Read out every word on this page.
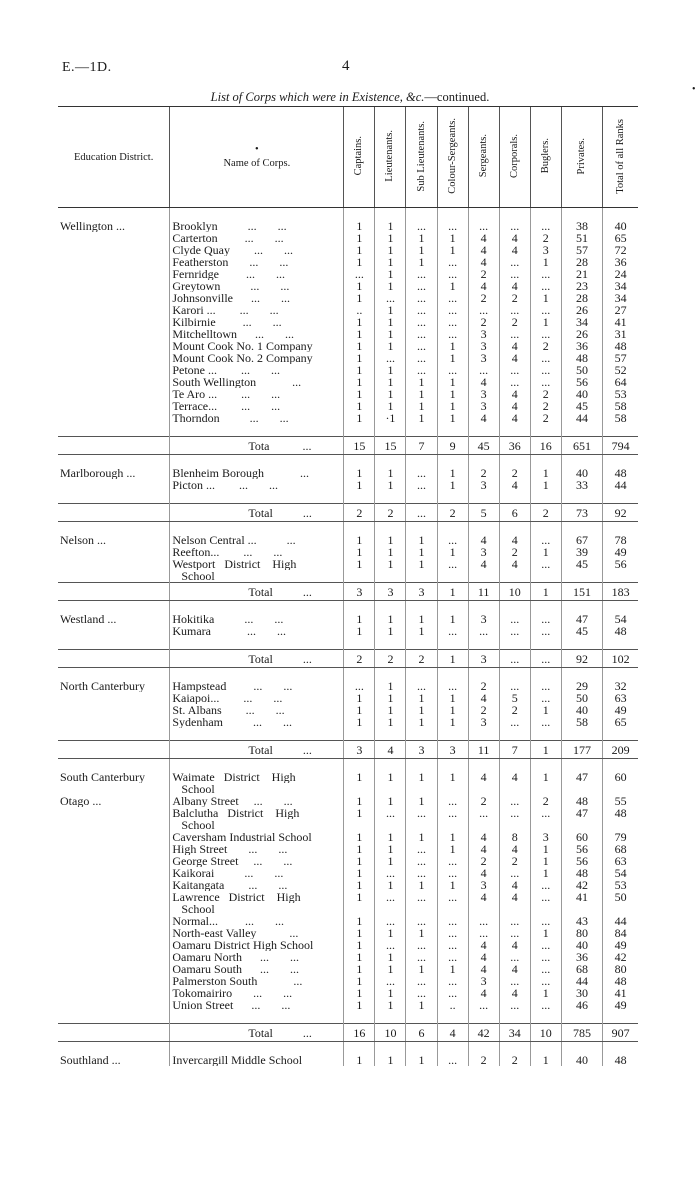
E.—1D.	4
•
List of Corps which were in Existence, &c.—continued.
Education District.	•
Name of Corps.	Captains.	Lieutenants.	Sub Lieutenants.	Colour-Sergeants.	Sergeants.	Corporals.	Buglers.	Privates.	Total of all Ranks

Wellington ...	Brooklyn          ...       ...	1	1	...	...	...	...	...	38	40
	Carterton         ...       ...	1	1	1	1	4	4	2	51	65
	Clyde Quay        ...       ...	1	1	1	1	4	4	3	57	72
	Featherston       ...       ...	1	1	1	...	4	...	1	28	36
	Fernridge         ...       ...	...	1	...	...	2	...	...	21	24
	Greytown          ...       ...	1	1	...	1	4	4	...	23	34
	Johnsonville      ...       ...	1	...	...	...	2	2	1	28	34
	Karori ...        ...       ...	..	1	...	...	...	...	...	26	27
	Kilbirnie         ...       ...	1	1	...	...	2	2	1	34	41
	Mitchelltown      ...       ...	1	1	...	...	3	...	...	26	31
	Mount Cook No. 1 Company	1	1	...	1	3	4	2	36	48
	Mount Cook No. 2 Company	1	...	...	1	3	4	...	48	57
	Petone ...        ...       ...	1	1	...	...	...	...	...	50	52
	South Wellington            ...	1	1	1	1	4	...	...	56	64
	Te Aro ...        ...       ...	1	1	1	1	3	4	2	40	53
	Terrace...        ...       ...	1	1	1	1	3	4	2	45	58
	Thorndon          ...       ...	1	·1	1	1	4	4	2	44	58

	Tota           ...	15	15	7	9	45	36	16	651	794

Marlborough ...	Blenheim Borough            ...	1	1	...	1	2	2	1	40	48
	Picton ...        ...       ...	1	1	...	1	3	4	1	33	44

	Total          ...	2	2	...	2	5	6	2	73	92

Nelson ...	Nelson Central ...          ...	1	1	1	...	4	4	...	67	78
	Reefton...        ...       ...	1	1	1	1	3	2	1	39	49
	Westport   District    High	1	1	1	...	4	4	...	45	56
	School									
	Total          ...	3	3	3	1	11	10	1	151	183

Westland ...	Hokitika          ...       ...	1	1	1	1	3	...	...	47	54
	Kumara            ...       ...	1	1	1	...	...	...	...	45	48

	Total          ...	2	2	2	1	3	...	...	92	102

North Canterbury	Hampstead         ...       ...	...	1	...	...	2	...	...	29	32
	Kaiapoi...        ...       ...	1	1	1	1	4	5	...	50	63
	St. Albans        ...       ...	1	1	1	1	2	2	1	40	49
	Sydenham          ...       ...	1	1	1	1	3	...	...	58	65

	Total          ...	3	4	3	3	11	7	1	177	209

South Canterbury	Waimate   District    High	1	1	1	1	4	4	1	47	60
	School									
Otago ...	Albany Street     ...       ...	1	1	1	...	2	...	2	48	55
	Balclutha   District    High	1	...	...	...	...	...	...	47	48
	School									
	Caversham Industrial School	1	1	1	1	4	8	3	60	79
	High Street       ...       ...	1	1	...	1	4	4	1	56	68
	George Street     ...       ...	1	1	...	...	2	2	1	56	63
	Kaikorai          ...       ...	1	...	...	...	4	...	1	48	54
	Kaitangata        ...       ...	1	1	1	1	3	4	...	42	53
	Lawrence   District    High	1	...	...	...	4	4	...	41	50
	School									
	Normal...         ...       ...	1	...	...	...	...	...	...	43	44
	North-east Valley           ...	1	1	1	...	...	...	1	80	84
	Oamaru District High School	1	...	...	...	4	4	...	40	49
	Oamaru North      ...       ...	1	1	...	...	4	...	...	36	42
	Oamaru South      ...       ...	1	1	1	1	4	4	...	68	80
	Palmerston South            ...	1	...	...	...	3	...	...	44	48
	Tokomairiro       ...       ...	1	1	...	...	4	4	1	30	41
	Union Street      ...       ...	1	1	1	..	...	...	...	46	49

	Total          ...	16	10	6	4	42	34	10	785	907

Southland ...	Invercargill Middle School	1	1	1	...	2	2	1	40	48
